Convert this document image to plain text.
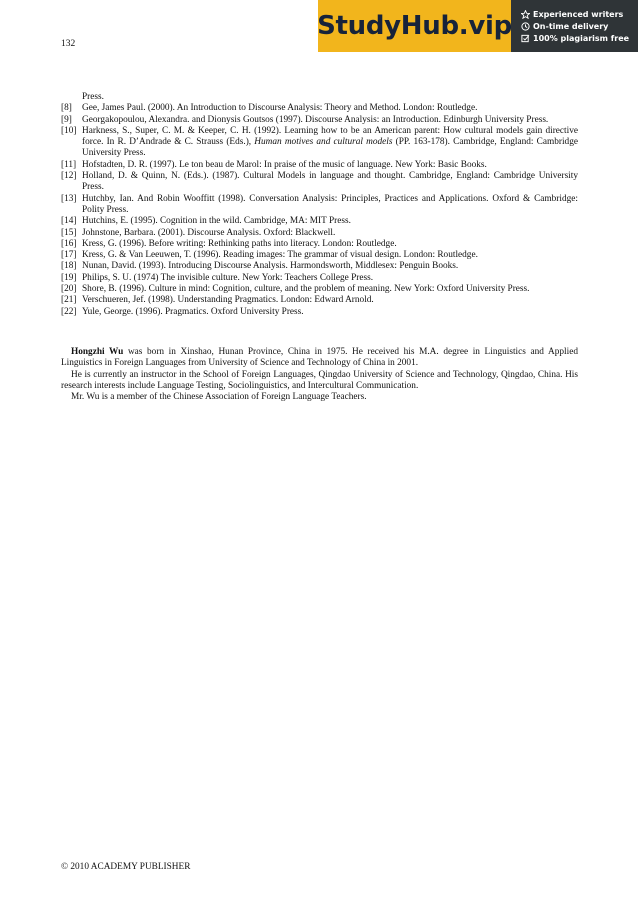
132
StudyHub.vip	Experienced writers
On-time delivery
100% plagiarism free
Press.
[8]	Gee, James Paul. (2000). An Introduction to Discourse Analysis: Theory and Method. London: Routledge.
[9]	Georgakopoulou, Alexandra. and Dionysis Goutsos (1997). Discourse Analysis: an Introduction. Edinburgh University Press.
[10] Harkness, S., Super, C. M. & Keeper, C. H. (1992). Learning how to be an American parent: How cultural models gain directive force. In R. D’Andrade & C. Strauss (Eds.), Human motives and cultural models (PP. 163-178). Cambridge, England: Cambridge University Press.
[11] Hofstadten, D. R. (1997). Le ton beau de Marol: In praise of the music of language. New York: Basic Books.
[12] Holland, D. & Quinn, N. (Eds.). (1987). Cultural Models in language and thought. Cambridge, England: Cambridge University Press.
[13] Hutchby, Ian. And Robin Wooffitt (1998). Conversation Analysis: Principles, Practices and Applications. Oxford & Cambridge: Polity Press.
[14] Hutchins, E. (1995). Cognition in the wild. Cambridge, MA: MIT Press.
[15] Johnstone, Barbara. (2001). Discourse Analysis. Oxford: Blackwell.
[16] Kress, G. (1996). Before writing: Rethinking paths into literacy. London: Routledge.
[17] Kress, G. & Van Leeuwen, T. (1996). Reading images: The grammar of visual design. London: Routledge.
[18] Nunan, David. (1993). Introducing Discourse Analysis. Harmondsworth, Middlesex: Penguin Books.
[19] Philips, S. U. (1974) The invisible culture. New York: Teachers College Press.
[20] Shore, B. (1996). Culture in mind: Cognition, culture, and the problem of meaning. New York: Oxford University Press.
[21] Verschueren, Jef. (1998). Understanding Pragmatics. London: Edward Arnold.
[22] Yule, George. (1996). Pragmatics. Oxford University Press.

Hongzhi Wu was born in Xinshao, Hunan Province, China in 1975. He received his M.A. degree in Linguistics and Applied Linguistics in Foreign Languages from University of Science and Technology of China in 2001.

He is currently an instructor in the School of Foreign Languages, Qingdao University of Science and Technology, Qingdao, China. His research interests include Language Testing, Sociolinguistics, and Intercultural Communication.

Mr. Wu is a member of the Chinese Association of Foreign Language Teachers.

© 2010 ACADEMY PUBLISHER
